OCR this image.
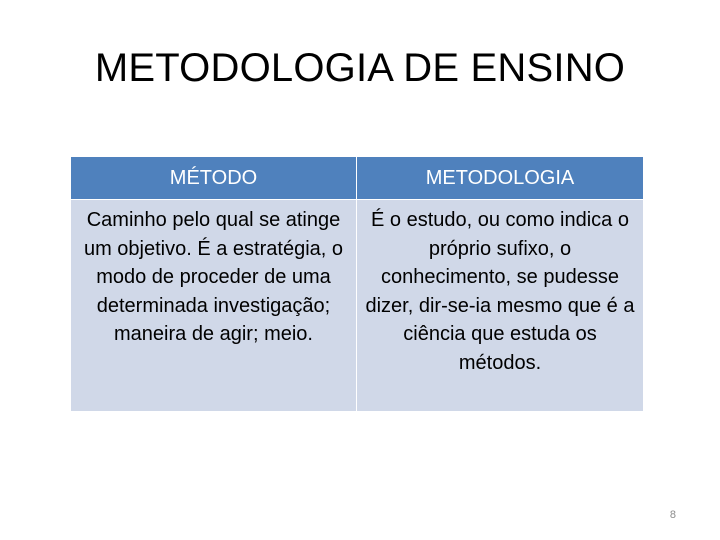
METODOLOGIA DE ENSINO
MÉTODO	METODOLOGIA
Caminho pelo qual se atinge um objetivo. É a estratégia, o modo de proceder de uma determinada investigação; maneira de agir; meio.
É o estudo, ou como indica o próprio sufixo, o conhecimento, se pudesse dizer, dir-se-ia mesmo que é a ciência que estuda os métodos.
8
